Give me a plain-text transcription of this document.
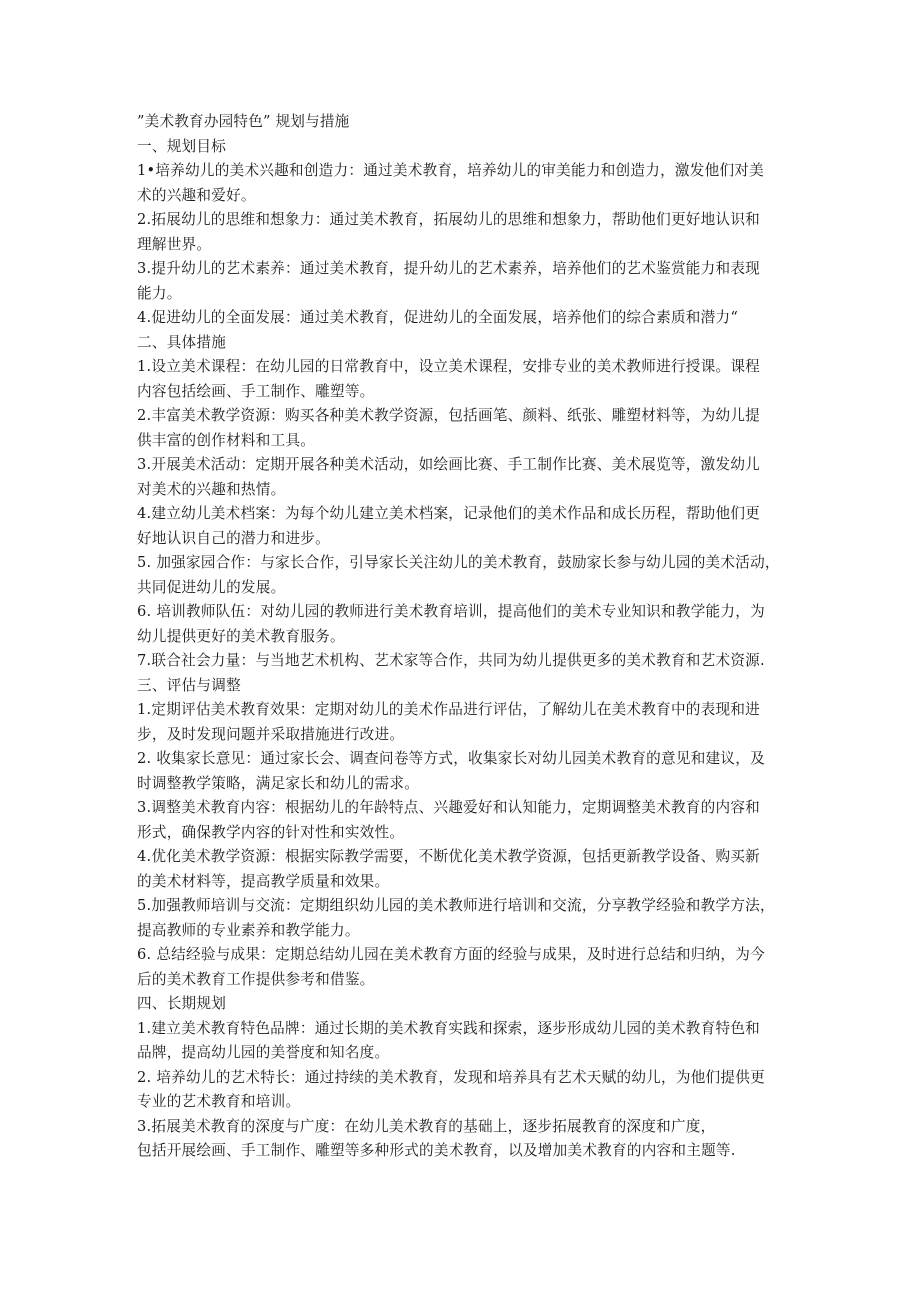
”美术教育办园特色” 规划与措施
一、规划目标
1•培养幼儿的美术兴趣和创造力：通过美术教育，培养幼儿的审美能力和创造力，激发他们对美
术的兴趣和爱好。
2.拓展幼儿的思维和想象力：通过美术教育，拓展幼儿的思维和想象力，帮助他们更好地认识和
理解世界。
3.提升幼儿的艺术素养：通过美术教育，提升幼儿的艺术素养，培养他们的艺术鉴赏能力和表现
能力。
4.促进幼儿的全面发展：通过美术教育，促进幼儿的全面发展，培养他们的综合素质和潜力“
二、具体措施
1.设立美术课程：在幼儿园的日常教育中，设立美术课程，安排专业的美术教师进行授课。课程
内容包括绘画、手工制作、雕塑等。
2.丰富美术教学资源：购买各种美术教学资源，包括画笔、颜料、纸张、雕塑材料等，为幼儿提
供丰富的创作材料和工具。
3.开展美术活动：定期开展各种美术活动，如绘画比赛、手工制作比赛、美术展览等，激发幼儿
对美术的兴趣和热情。
4.建立幼儿美术档案：为每个幼儿建立美术档案，记录他们的美术作品和成长历程，帮助他们更
好地认识自己的潜力和进步。
5. 加强家园合作：与家长合作，引导家长关注幼儿的美术教育，鼓励家长参与幼儿园的美术活动，
共同促进幼儿的发展。
6. 培训教师队伍：对幼儿园的教师进行美术教育培训，提高他们的美术专业知识和教学能力，为
幼儿提供更好的美术教育服务。
7.联合社会力量：与当地艺术机构、艺术家等合作，共同为幼儿提供更多的美术教育和艺术资源.
三、评估与调整
1.定期评估美术教育效果：定期对幼儿的美术作品进行评估，了解幼儿在美术教育中的表现和进
步，及时发现问题并采取措施进行改进。
2. 收集家长意见：通过家长会、调查问卷等方式，收集家长对幼儿园美术教育的意见和建议，及
时调整教学策略，满足家长和幼儿的需求。
3.调整美术教育内容：根据幼儿的年龄特点、兴趣爱好和认知能力，定期调整美术教育的内容和
形式，确保教学内容的针对性和实效性。
4.优化美术教学资源：根据实际教学需要，不断优化美术教学资源，包括更新教学设备、购买新
的美术材料等，提高教学质量和效果。
5.加强教师培训与交流：定期组织幼儿园的美术教师进行培训和交流，分享教学经验和教学方法，
提高教师的专业素养和教学能力。
6. 总结经验与成果：定期总结幼儿园在美术教育方面的经验与成果，及时进行总结和归纳，为今
后的美术教育工作提供参考和借鉴。
四、长期规划
1.建立美术教育特色品牌：通过长期的美术教育实践和探索，逐步形成幼儿园的美术教育特色和
品牌，提高幼儿园的美誉度和知名度。
2. 培养幼儿的艺术特长：通过持续的美术教育，发现和培养具有艺术天赋的幼儿，为他们提供更
专业的艺术教育和培训。
3.拓展美术教育的深度与广度：在幼儿美术教育的基础上，逐步拓展教育的深度和广度，
包括开展绘画、手工制作、雕塑等多种形式的美术教育，以及增加美术教育的内容和主题等.
